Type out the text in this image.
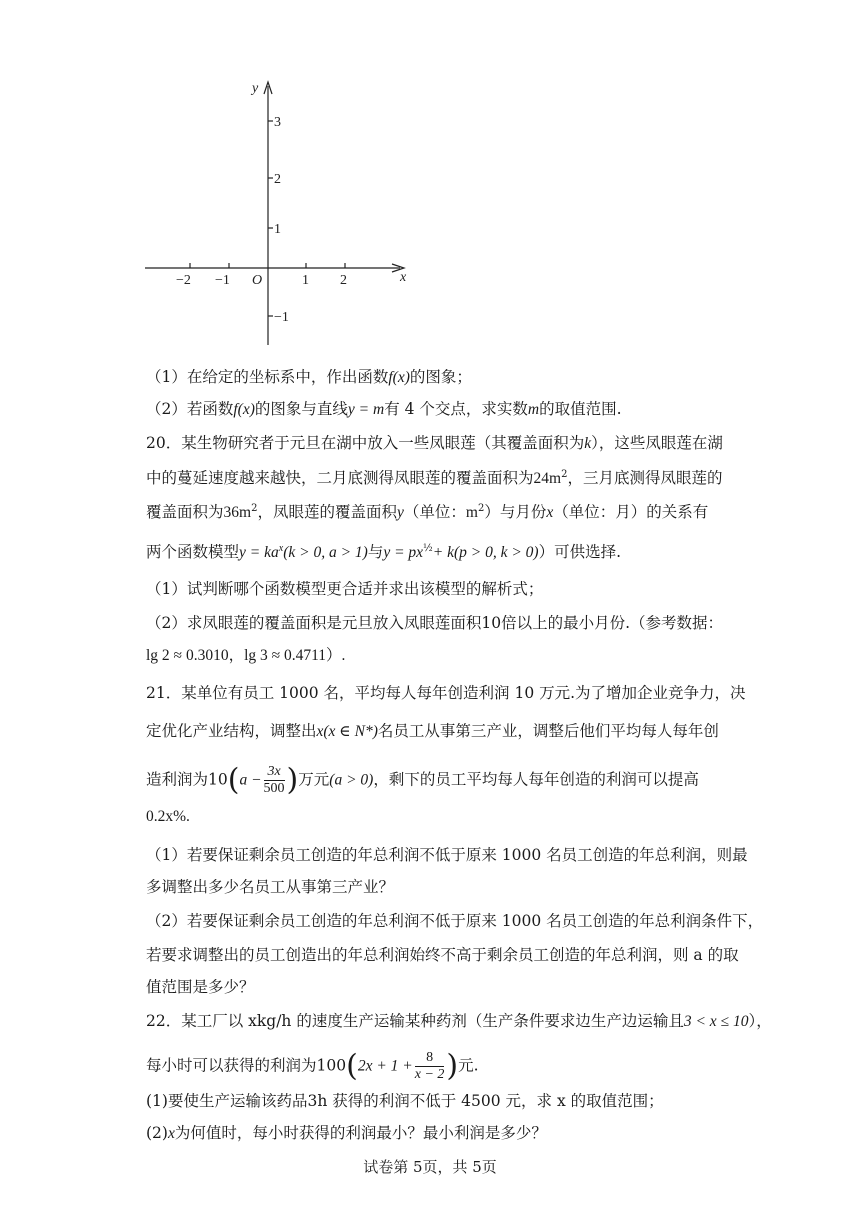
y
x
O
3
2
1
−1
−2 −1	1 2
（1）在给定的坐标系中，作出函数f(x)的图象；
（2）若函数f(x)的图象与直线y = m有 4 个交点，求实数m的取值范围.
20．某生物研究者于元旦在湖中放入一些凤眼莲（其覆盖面积为k），这些凤眼莲在湖
中的蔓延速度越来越快，二月底测得凤眼莲的覆盖面积为$24m^2$，三月底测得凤眼莲的
覆盖面积为$36m^2$，凤眼莲的覆盖面积y（单位：$m^2$）与月份x（单位：月）的关系有
两个函数模型$y = ka^x(k > 0$, a > 1)与$y = px^{\frac{1}{2}}+ k(p > 0$, k > 0)）可供选择.
（1）试判断哪个函数模型更合适并求出该模型的解析式；
（2）求凤眼莲的覆盖面积是元旦放入凤眼莲面积10倍以上的最小月份.（参考数据：
lg 2 ≈ 0.3010，lg 3 ≈ 0.4711）.
21．某单位有员工 1000 名，平均每人每年创造利润 10 万元.为了增加企业竞争力，决
定优化产业结构，调整出x(x ∈ N*)名员工从事第三产业，调整后他们平均每人每年创
造利润为$10(a - \frac{3x}{500}$ )万元(a > 0)，剩下的员工平均每人每年创造的利润可以提高
0.2x%.
（1）若要保证剩余员工创造的年总利润不低于原来 1000 名员工创造的年总利润，则最
多调整出多少名员工从事第三产业？
（2）若要保证剩余员工创造的年总利润不低于原来 1000 名员工创造的年总利润条件下，
若要求调整出的员工创造出的年总利润始终不高于剩余员工创造的年总利润，则 a 的取
值范围是多少？
22．某工厂以 xkg/h 的速度生产运输某种药剂（生产条件要求边生产边运输且3 < x ≤ 10），
每小时可以获得的利润为$100(2x + 1 + \frac{8}{x - 2}$ )元.
(1)要使生产运输该药品3h 获得的利润不低于 4500 元，求 x 的取值范围；
(2)x为何值时，每小时获得的利润最小？最小利润是多少？
试卷第 5页，共 5页
